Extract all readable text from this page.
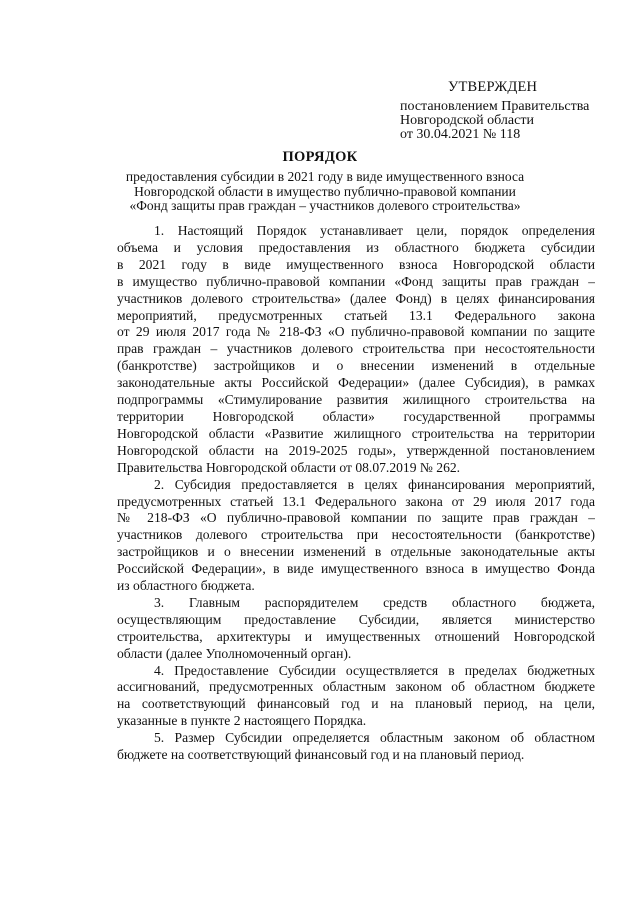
УТВЕРЖДЕН
постановлением Правительства
Новгородской области
от 30.04.2021 № 118
ПОРЯДОК
предоставления субсидии в 2021 году в виде имущественного взноса
Новгородской области в имущество публично-правовой компании
«Фонд защиты прав граждан – участников долевого строительства»
1. Настоящий Порядок устанавливает цели, порядок определения
объема и условия предоставления из областного бюджета субсидии
в 2021 году в виде имущественного взноса Новгородской области
в имущество публично-правовой компании «Фонд защиты прав граждан –
участников долевого строительства» (далее Фонд) в целях финансирования
мероприятий, предусмотренных статьей 13.1 Федерального закона
от 29 июля 2017 года № 218-ФЗ «О публично-правовой компании по защите
прав граждан – участников долевого строительства при несостоятельности
(банкротстве) застройщиков и о внесении изменений в отдельные
законодательные акты Российской Федерации» (далее Субсидия), в рамках
подпрограммы «Стимулирование развития жилищного строительства на
территории Новгородской области» государственной программы
Новгородской области «Развитие жилищного строительства на территории
Новгородской области на 2019-2025 годы», утвержденной постановлением
Правительства Новгородской области от 08.07.2019 № 262.
2. Субсидия предоставляется в целях финансирования мероприятий,
предусмотренных статьей 13.1 Федерального закона от 29 июля 2017 года
№ 218-ФЗ «О публично-правовой компании по защите прав граждан –
участников долевого строительства при несостоятельности (банкротстве)
застройщиков и о внесении изменений в отдельные законодательные акты
Российской Федерации», в виде имущественного взноса в имущество Фонда
из областного бюджета.
3. Главным распорядителем средств областного бюджета,
осуществляющим предоставление Субсидии, является министерство
строительства, архитектуры и имущественных отношений Новгородской
области (далее Уполномоченный орган).
4. Предоставление Субсидии осуществляется в пределах бюджетных
ассигнований, предусмотренных областным законом об областном бюджете
на соответствующий финансовый год и на плановый период, на цели,
указанные в пункте 2 настоящего Порядка.
5. Размер Субсидии определяется областным законом об областном
бюджете на соответствующий финансовый год и на плановый период.
